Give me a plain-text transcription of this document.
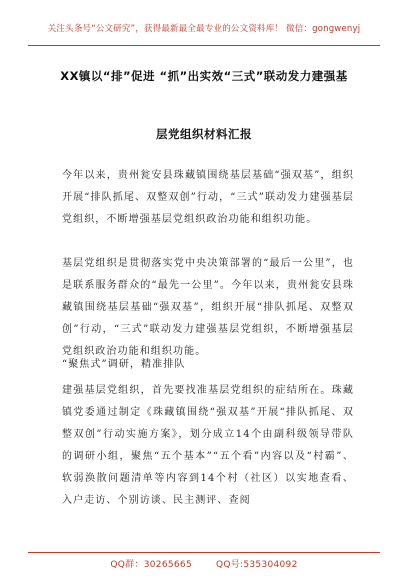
关注头条号“公文研究”，获得最新最全最专业的公文资料库！ 微信：gongwenyj
XX镇以“排”促进 “抓”出实效“三式”联动发力建强基
层党组织材料汇报
今年以来，贵州瓮安县珠藏镇围绕基层基础“强双基”，组织开展“排队抓尾、双整双创”行动，“三式”联动发力建强基层党组织，不断增强基层党组织政治功能和组织功能。
基层党组织是贯彻落实党中央决策部署的“最后一公里”，也是联系服务群众的“最先一公里”。今年以来，贵州瓮安县珠藏镇围绕基层基础“强双基”，组织开展“排队抓尾、双整双创”行动，“三式”联动发力建强基层党组织，不断增强基层党组织政治功能和组织功能。
“聚焦式”调研，精准排队
建强基层党组织，首先要找准基层党组织的症结所在。珠藏镇党委通过制定《珠藏镇围绕“强双基”开展“排队抓尾、双整双创”行动实施方案》，划分成立14个由副科级领导带队的调研小组，聚焦“五个基本”“五个看”内容以及“村霸”、软弱涣散问题清单等内容到14个村（社区）以实地查看、入户走访、个别访谈、民主测评、查阅
QQ群：30265665	QQ号:535304092
